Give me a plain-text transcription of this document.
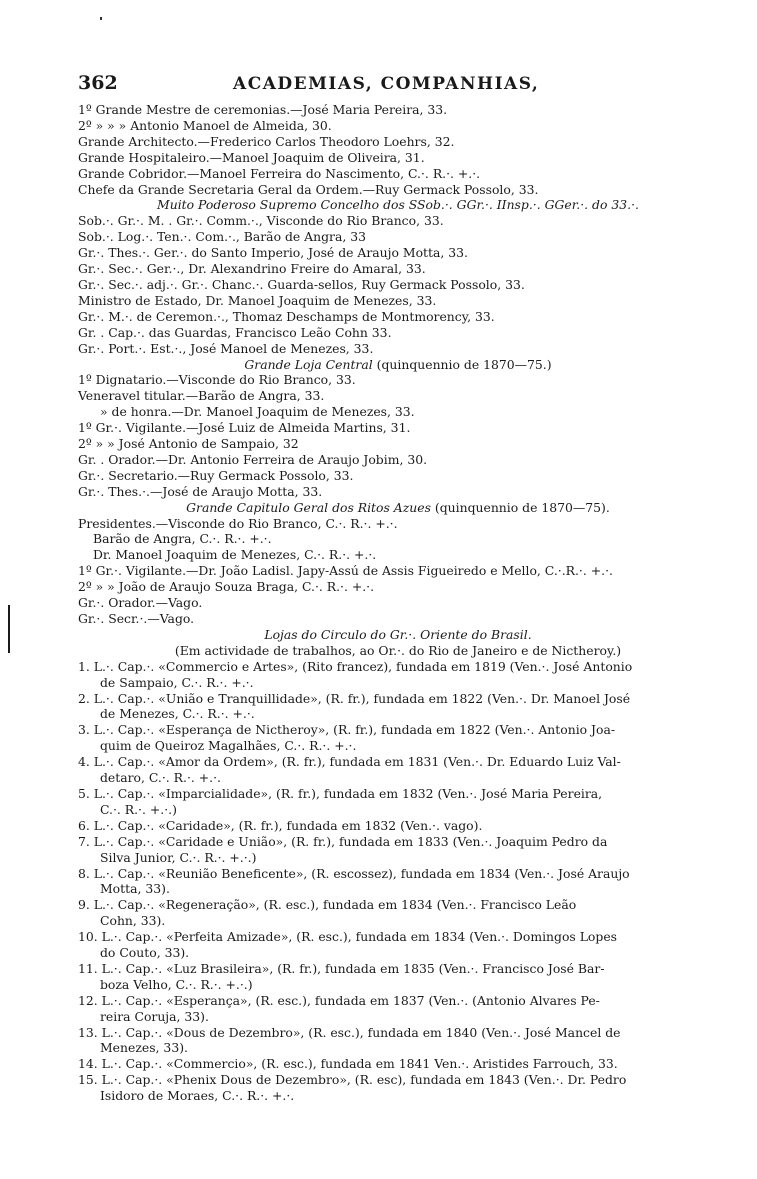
362	ACADEMIAS, COMPANHIAS,
1º Grande Mestre de ceremonias.—José Maria Pereira, 33.
2º » » » Antonio Manoel de Almeida, 30.
Grande Architecto.—Frederico Carlos Theodoro Loehrs, 32.
Grande Hospitaleiro.—Manoel Joaquim de Oliveira, 31.
Grande Cobridor.—Manoel Ferreira do Nascimento, C.·. R.·. +.·.
Chefe da Grande Secretaria Geral da Ordem.—Ruy Germack Possolo, 33.
Muito Poderoso Supremo Concelho dos SSob.·. GGr.·. IInsp.·. GGer.·. do 33.·.
Sob.·. Gr.·. M. . Gr.·. Comm.·., Visconde do Rio Branco, 33.
Sob.·. Log.·. Ten.·. Com.·., Barão de Angra, 33
Gr.·. Thes.·. Ger.·. do Santo Imperio, José de Araujo Motta, 33.
Gr.·. Sec.·. Ger.·., Dr. Alexandrino Freire do Amaral, 33.
Gr.·. Sec.·. adj.·. Gr.·. Chanc.·. Guarda-sellos, Ruy Germack Possolo, 33.
Ministro de Estado, Dr. Manoel Joaquim de Menezes, 33.
Gr.·. M.·. de Ceremon.·., Thomaz Deschamps de Montmorency, 33.
Gr. . Cap.·. das Guardas, Francisco Leão Cohn 33.
Gr.·. Port.·. Est.·., José Manoel de Menezes, 33.
Grande Loja Central (quinquennio de 1870—75.)
1º Dignatario.—Visconde do Rio Branco, 33.
Veneravel titular.—Barão de Angra, 33.
» de honra.—Dr. Manoel Joaquim de Menezes, 33.
1º Gr.·. Vigilante.—José Luiz de Almeida Martins, 31.
2º » » José Antonio de Sampaio, 32
Gr. . Orador.—Dr. Antonio Ferreira de Araujo Jobim, 30.
Gr.·. Secretario.—Ruy Germack Possolo, 33.
Gr.·. Thes.·.—José de Araujo Motta, 33.
Grande Capitulo Geral dos Ritos Azues (quinquennio de 1870—75).
Presidentes.—Visconde do Rio Branco, C.·. R.·. +.·.
Barão de Angra, C.·. R.·. +.·.
Dr. Manoel Joaquim de Menezes, C.·. R.·. +.·.
1º Gr.·. Vigilante.—Dr. João Ladisl. Japy-Assú de Assis Figueiredo e Mello, C.·.R.·. +.·.
2º » » João de Araujo Souza Braga, C.·. R.·. +.·.
Gr.·. Orador.—Vago.
Gr.·. Secr.·.—Vago.
Lojas do Circulo do Gr.·. Oriente do Brasil.
(Em actividade de trabalhos, ao Or.·. do Rio de Janeiro e de Nictheroy.)
1. L.·. Cap.·. «Commercio e Artes», (Rito francez), fundada em 1819 (Ven.·. José Antonio
de Sampaio, C.·. R.·. +.·.
2. L.·. Cap.·. «União e Tranquillidade», (R. fr.), fundada em 1822 (Ven.·. Dr. Manoel José
de Menezes, C.·. R.·. +.·.
3. L.·. Cap.·. «Esperança de Nictheroy», (R. fr.), fundada em 1822 (Ven.·. Antonio Joa-
quim de Queiroz Magalhães, C.·. R.·. +.·.
4. L.·. Cap.·. «Amor da Ordem», (R. fr.), fundada em 1831 (Ven.·. Dr. Eduardo Luiz Val-
detaro, C.·. R.·. +.·.
5. L.·. Cap.·. «Imparcialidade», (R. fr.), fundada em 1832 (Ven.·. José Maria Pereira,
C.·. R.·. +.·.)
6. L.·. Cap.·. «Caridade», (R. fr.), fundada em 1832 (Ven.·. vago).
7. L.·. Cap.·. «Caridade e União», (R. fr.), fundada em 1833 (Ven.·. Joaquim Pedro da
Silva Junior, C.·. R.·. +.·.)
8. L.·. Cap.·. «Reunião Beneficente», (R. escossez), fundada em 1834 (Ven.·. José Araujo
Motta, 33).
9. L.·. Cap.·. «Regeneração», (R. esc.), fundada em 1834 (Ven.·. Francisco Leão
Cohn, 33).
10. L.·. Cap.·. «Perfeita Amizade», (R. esc.), fundada em 1834 (Ven.·. Domingos Lopes
do Couto, 33).
11. L.·. Cap.·. «Luz Brasileira», (R. fr.), fundada em 1835 (Ven.·. Francisco José Bar-
boza Velho, C.·. R.·. +.·.)
12. L.·. Cap.·. «Esperança», (R. esc.), fundada em 1837 (Ven.·. (Antonio Alvares Pe-
reira Coruja, 33).
13. L.·. Cap.·. «Dous de Dezembro», (R. esc.), fundada em 1840 (Ven.·. José Mancel de
Menezes, 33).
14. L.·. Cap.·. «Commercio», (R. esc.), fundada em 1841 Ven.·. Aristides Farrouch, 33.
15. L.·. Cap.·. «Phenix Dous de Dezembro», (R. esc), fundada em 1843 (Ven.·. Dr. Pedro
Isidoro de Moraes, C.·. R.·. +.·.
